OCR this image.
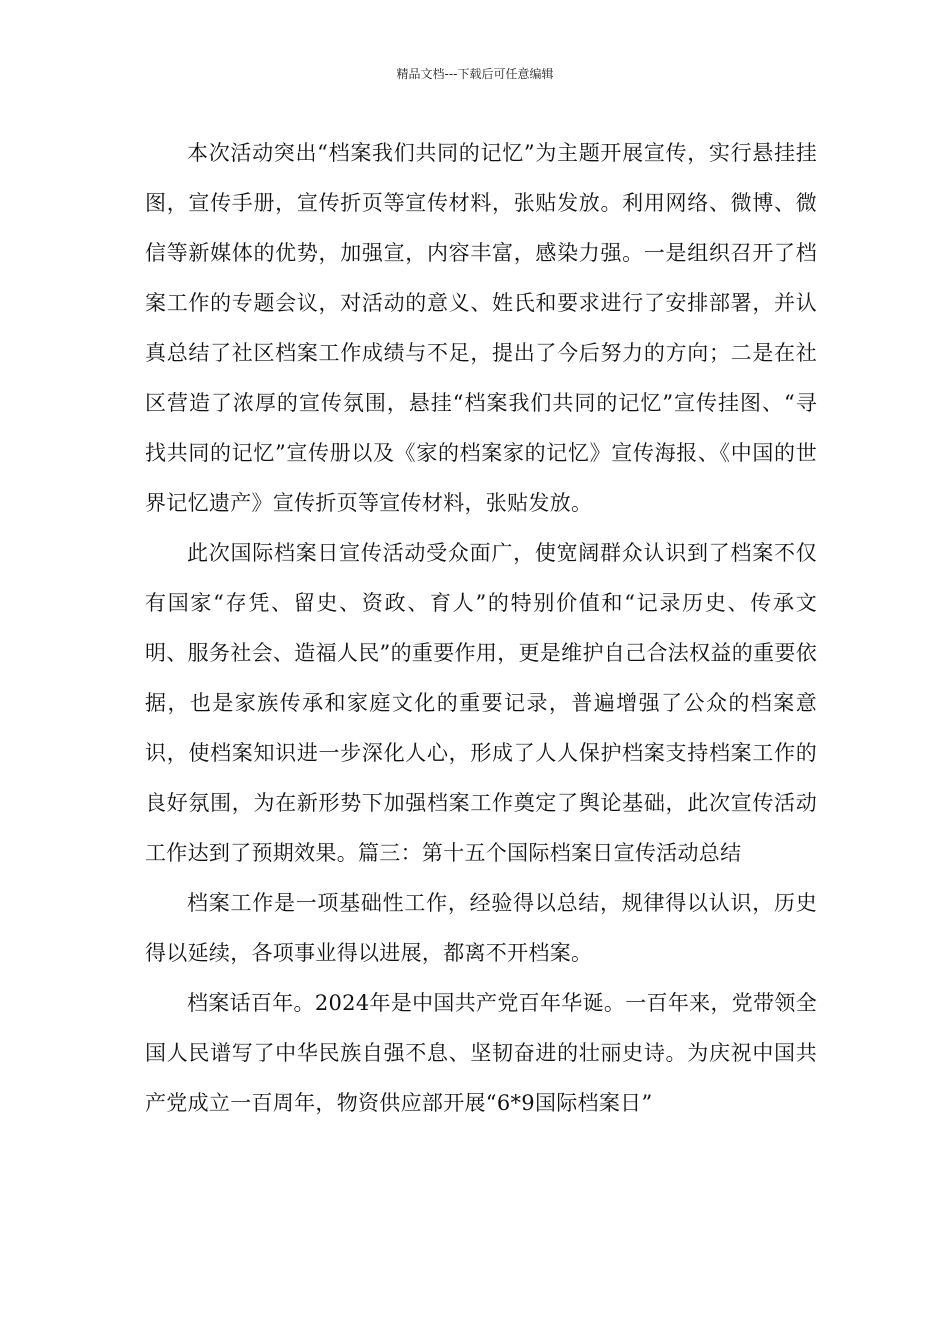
精品文档---下载后可任意编辑

本次活动突出“档案我们共同的记忆”为主题开展宣传，实行悬挂挂图，宣传手册，宣传折页等宣传材料，张贴发放。利用网络、微博、微信等新媒体的优势，加强宣，内容丰富，感染力强。一是组织召开了档案工作的专题会议，对活动的意义、姓氏和要求进行了安排部署，并认真总结了社区档案工作成绩与不足，提出了今后努力的方向；二是在社区营造了浓厚的宣传氛围，悬挂“档案我们共同的记忆”宣传挂图、“寻找共同的记忆”宣传册以及《家的档案家的记忆》宣传海报、《中国的世界记忆遗产》宣传折页等宣传材料，张贴发放。

此次国际档案日宣传活动受众面广，使宽阔群众认识到了档案不仅有国家“存凭、留史、资政、育人”的特别价值和“记录历史、传承文明、服务社会、造福人民”的重要作用，更是维护自己合法权益的重要依据，也是家族传承和家庭文化的重要记录，普遍增强了公众的档案意识，使档案知识进一步深化人心，形成了人人保护档案支持档案工作的良好氛围，为在新形势下加强档案工作奠定了舆论基础，此次宣传活动工作达到了预期效果。篇三：第十五个国际档案日宣传活动总结

档案工作是一项基础性工作，经验得以总结，规律得以认识，历史得以延续，各项事业得以进展，都离不开档案。

档案话百年。2024年是中国共产党百年华诞。一百年来，党带领全国人民谱写了中华民族自强不息、坚韧奋进的壮丽史诗。为庆祝中国共产党成立一百周年，物资供应部开展“6*9国际档案日”
